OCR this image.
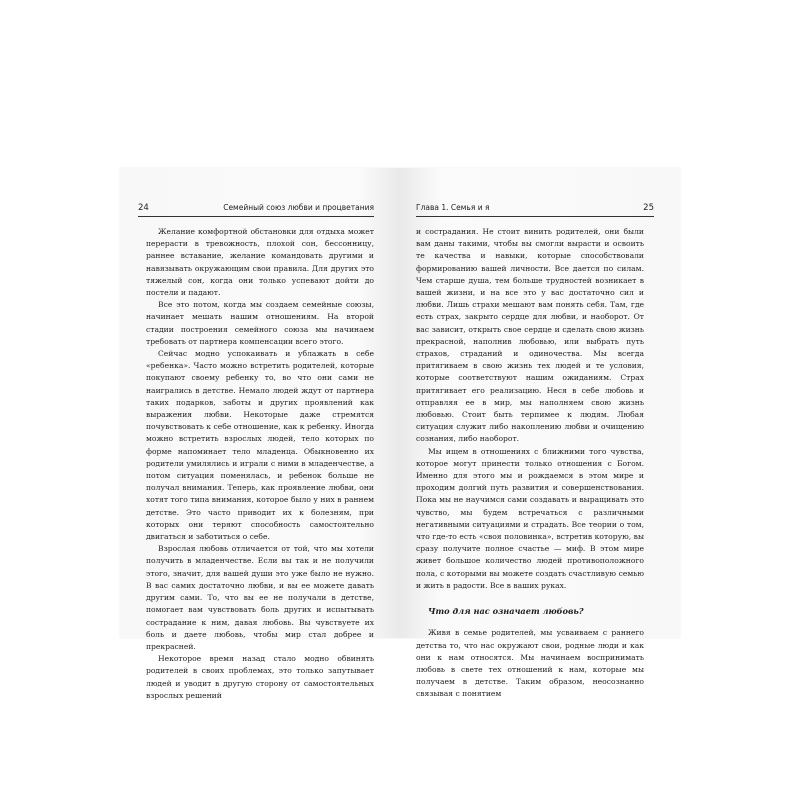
24	Семейный союз любви и процветания

Желание комфортной обстановки для отдыха может перерасти в тревожность, плохой сон, бессонницу, раннее вставание, желание командовать другими и навязывать окружающим свои правила. Для других это тяжелый сон, когда они только успевают дойти до постели и падают.

Все это потом, когда мы создаем семейные союзы, начинает мешать нашим отношениям. На второй стадии построения семейного союза мы начинаем требовать от партнера компенсации всего этого.

Сейчас модно успокаивать и ублажать в себе «ребенка». Часто можно встретить родителей, которые покупают своему ребенку то, во что они сами не наигрались в детстве. Немало людей ждут от партнера таких подарков, заботы и других проявлений как выражения любви. Некоторые даже стремятся почувствовать к себе отношение, как к ребенку. Иногда можно встретить взрослых людей, тело которых по форме напоминает тело младенца. Обыкновенно их родители умилялись и играли с ними в младенчестве, а потом ситуация поменялась, и ребенок больше не получал внимания. Теперь, как проявление любви, они хотят того типа внимания, которое было у них в раннем детстве. Это часто приводит их к болезням, при которых они теряют способность самостоятельно двигаться и заботиться о себе.

Взрослая любовь отличается от той, что мы хотели получить в младенчестве. Если вы так и не получили этого, значит, для вашей души это уже было не нужно. В вас самих достаточно любви, и вы ее можете давать другим сами. То, что вы ее не получали в детстве, помогает вам чувствовать боль других и испытывать сострадание к ним, давая любовь. Вы чувствуете их боль и даете любовь, чтобы мир стал добрее и прекрасней.

Некоторое время назад стало модно обвинять родителей в своих проблемах, это только запутывает людей и уводит в другую сторону от самостоятельных взрослых решений

Глава 1. Семья и я	25

и сострадания. Не стоит винить родителей, они были вам даны такими, чтобы вы смогли вырасти и освоить те качества и навыки, которые способствовали формированию вашей личности. Все дается по силам. Чем старше душа, тем больше трудностей возникает в вашей жизни, и на все это у вас достаточно сил и любви. Лишь страхи мешают вам понять себя. Там, где есть страх, закрыто сердце для любви, и наоборот. От вас зависит, открыть свое сердце и сделать свою жизнь прекрасной, наполнив любовью, или выбрать путь страхов, страданий и одиночества. Мы всегда притягиваем в свою жизнь тех людей и те условия, которые соответствуют нашим ожиданиям. Страх притягивает его реализацию. Неся в себе любовь и отправляя ее в мир, мы наполняем свою жизнь любовью. Стоит быть терпимее к людям. Любая ситуация служит либо накоплению любви и очищению сознания, либо наоборот.

Мы ищем в отношениях с ближними того чувства, которое могут принести только отношения с Богом. Именно для этого мы и рождаемся в этом мире и проходим долгий путь развития и совершенствования. Пока мы не научимся сами создавать и выращивать это чувство, мы будем встречаться с различными негативными ситуациями и страдать. Все теории о том, что где-то есть «своя половинка», встретив которую, вы сразу получите полное счастье — миф. В этом мире живет большое количество людей противоположного пола, с которыми вы можете создать счастливую семью и жить в радости. Все в ваших руках.

Что для нас означает любовь?

Живя в семье родителей, мы усваиваем с раннего детства то, что нас окружают свои, родные люди и как они к нам относятся. Мы начинаем воспринимать любовь в свете тех отношений к нам, которые мы получаем в детстве. Таким образом, неосознанно связывая с понятием
